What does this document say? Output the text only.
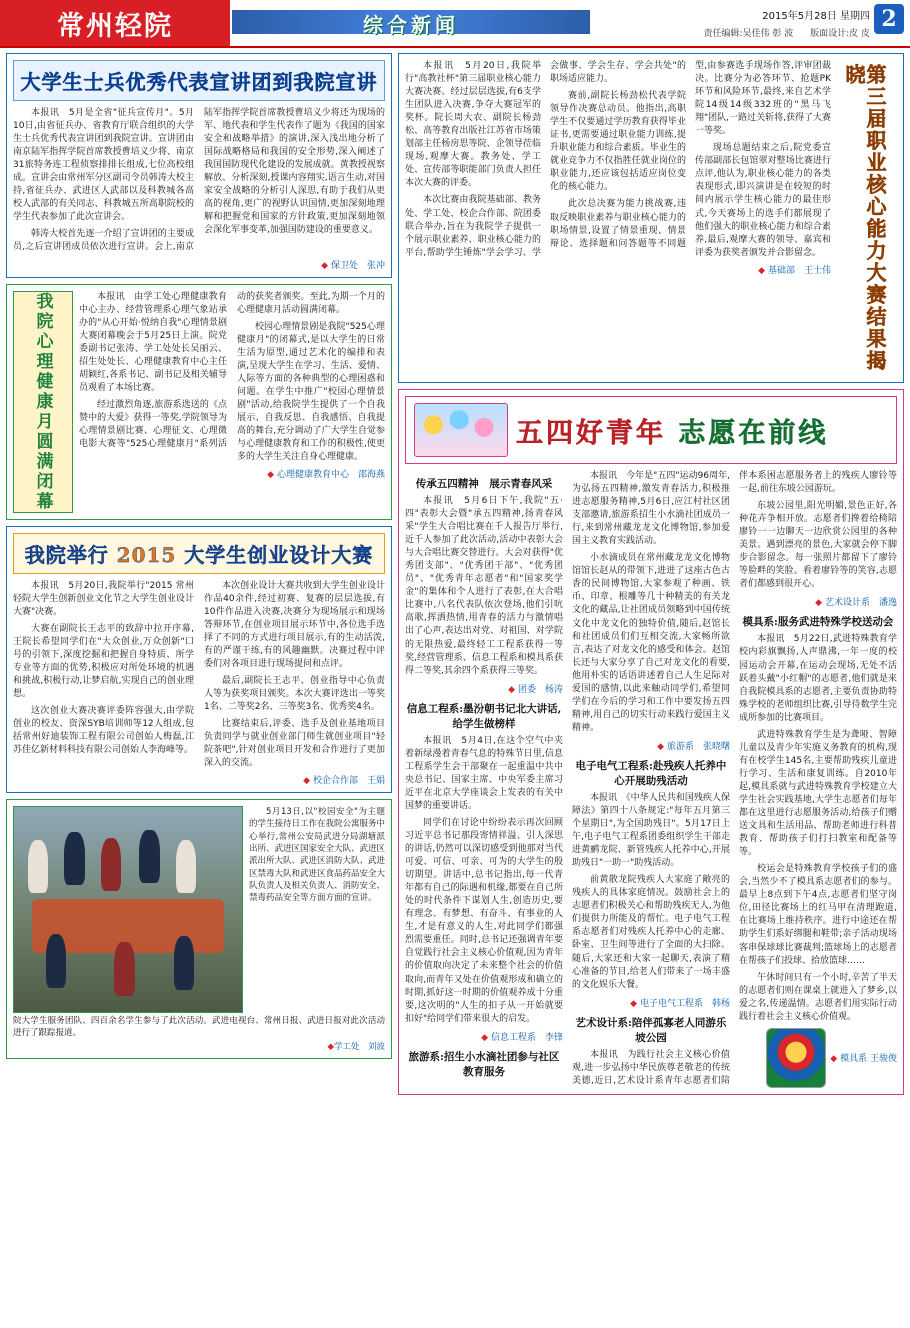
常州轻院	综合新闻	2015年5月28日 星期四
责任编辑:吴佳伟 彰 波 版面设计:皮 皮
2
大学生士兵优秀代表宣讲团到我院宣讲

本报讯　5月是全省"征兵宣传月"。5月10日,由省征兵办、省教育厅联合组织的大学生士兵优秀代表宣讲团到我院宣讲。宣讲团由南京陆军指挥学院首席教授曹培义少将、南京31旅特务连工程侦察排排长组成,七位高校组成。宣讲会由常州军分区副司令员韩涛大校主持,省征兵办、武进区人武部以及科教城各高校人武部的有关同志、科教城五所高职院校的学生代表参加了此次宣讲会。

韩涛大校首先逐一介绍了宣讲团的主要成员,之后宣讲团成员依次进行宣讲。会上,南京陆军指挥学院首席教授曹培义少将还为现场的军、地代表和学生代表作了题为《我国的国家安全和战略举措》的演讲,深入浅出地分析了国际战略格局和我国的安全形势,深入阐述了我国国防现代化建设的发展成就。黄教授视察解放、分析深刻,授课内容翔实,语言生动,对国家安全战略的分析引人深思,有助于我们从更高的视角,更广的视野认识国情,更加深刻地理解和把握党和国家的方针政策,更加深刻地领会深化军事变革,加强国防建设的重要意义。

◆ 保卫处　张冲
我院心理健康月圆满闭幕	本报讯　由学工处心理健康教育中心主办、经营管理系心理气象站承办的"从心开始·悦纳自我"心理情景剧大赛闭幕晚会于5月25日上演。院党委副书记张涛、学工处处长吴丽云、招生处处长、心理健康教育中心主任胡颖红,各系书记、副书记及相关辅导员观看了本场比赛。

经过激烈角逐,旅游系选送的《点赞中的大爱》获得一等奖,学院领导为心理情景剧比赛、心理征文、心理微电影大赛等"525心理健康月"系列活动的获奖者颁奖。至此,为期一个月的心理健康月活动圆满闭幕。

校园心理情景剧是我院"525心理健康月"的闭幕式,是以大学生的日常生活为原型,通过艺术化的编排和表演,呈现大学生在学习、生活、爱情、人际等方面的各种典型的心理困惑和问题。在学生中推广"校园心理情景剧"活动,给我院学生提供了一个自我展示、自我反思、自我感悟、自我提高的舞台,充分调动了广大学生自觉参与心理健康教育和工作的积极性,使更多的大学生关注自身心理健康。

◆ 心理健康教育中心　邵海燕
我院举行 2015 大学生创业设计大赛

本报讯　5月20日,我院举行"2015 常州轻院大学生创新创业文化节之大学生创业设计大赛"决赛。

大赛在副院长王志平的致辞中拉开序幕,王院长希望同学们在"大众创业,万众创新"口号的引领下,深度挖掘和把握自身特质、所学专业等方面的优势,积极应对所处环境的机遇和挑战,积极行动,让梦启航,实现自己的创业理想。

这次创业大赛决赛评委阵容强大,由学院创业的校友、资深SYB培训师等12人组成,包括常州好迪装饰工程有限公司创始人梅磊,江苏佳亿新材料科技有限公司创始人李海峰等。

本次创业设计大赛共收到大学生创业设计作品40余件,经过初赛、复赛的层层选拔,有10件作品进入决赛,决赛分为现场展示和现场答辩环节,在创业项目展示环节中,各位选手选择了不同的方式进行项目展示,有的生动活泼,有的严谨干练,有的风趣幽默。决赛过程中评委们对各项目进行现场提问和点评。

最后,副院长王志平、创业指导中心负责人等为获奖项目颁奖。本次大赛评选出一等奖1名、二等奖2名、三等奖3名、优秀奖4名。

比赛结束后,评委、选手及创业基地项目负责同学与就业创业部门师生就创业项目"轻院茶吧",针对创业项目开发和合作进行了更加深入的交流。

◆ 校企合作部　王娟

5月13日,以"校园安全"为主题的学生接待日工作在我院公寓服务中心举行,常州公安局武进分局湖塘派出所、武进区国家安全大队、武进区派出所大队、武进区消防大队、武进区禁毒大队和武进区食品药品安全大队负责人及相关负责人、消防安全、禁毒药品安全等方面方面的宣讲。

院大学生服务团队、四百余名学生参与了此次活动。武进电视台、常州日报、武进日报对此次活动进行了跟踪报道。
◆学工处　刘波

本报讯　5月20日,我院举行"高教社杯"第三届职业核心能力大赛决赛。经过层层选拔,有6支学生团队进入决赛,争夺大赛冠军的奖杯。院长周大农、副院长杨劲松、高等教育出版社江苏省市场策划部主任杨房思等院、企领导莅临现场,观摩大赛。教务处、学工处、宣传部等职能部门负责人担任本次大赛的评委。

本次比赛由我院基础部、教务处、学工处、校企合作部、院团委联合举办,旨在为我院学子提供一个展示职业素养、职业核心能力的平台,帮助学生锤炼"学会学习、学会做事、学会生存、学会共处"的职场适应能力。

赛前,副院长杨劲松代表学院领导作决赛总动员。他指出,高职学生不仅要通过学历教育获得毕业证书,更需要通过职业能力训练,提升职业能力和综合素质。毕业生的就业竞争力不仅指胜任就业岗位的职业能力,还应该包括适应岗位变化的核心能力。

此次总决赛为能力挑战赛,违取反映职业素养与职业核心能力的职场情景,设置了情景重现、情景辩论、选择题和问答题等不同题型,由参赛选手现场作答,评审团裁决。比赛分为必答环节、抢题PK环节和风险环节,最终,来自艺术学院14级14级332班的"黑马飞翔"团队,一路过关斩将,获得了大赛一等奖。

现场总题结束之后,院党委宣传部副部长包馆翠对整场比赛进行点评,他认为,职业核心能力的各类表现形式,即兴演讲是在较短的时间内展示学生核心能力的最佳形式,今天赛场上的选手们都展现了他们强大的职业核心能力和综合素养,最后,观摩大赛的领导、嘉宾和评委为获奖者颁发并合影留念。

◆ 基础部　王士伟	第三届职业核心能力大赛结果揭晓
五四好青年 志愿在前线
传承五四精神　展示青春风采

本报讯　5月6日下午,我院"五·四"表彰大会暨"承五四精神,扬青春风采"学生大合唱比赛在千人报告厅举行,近千人参加了此次活动,活动中表彰大会与大合唱比赛交替进行。大会对获得"优秀团支部"、"优秀团干部"、"优秀团员"、"优秀青年志愿者"和"国家奖学金"的集体和个人进行了表彰,在大合唱比赛中,八名代表队依次登场,他们引吭高歌,挥洒热情,用青春的活力与激情唱出了心声,表达出对党、对祖国、对学院的无限热爱,最终轻工工程系获得一等奖,经营管理系、信息工程系和模具系获得二等奖,其余四个系获得三等奖。

◆ 团委　杨涛
信息工程系:墨汾朝书记北大讲话,给学生做榜样

本报讯　5月4日,在这个空气中夹着新绿漫着青春气息的特殊节日里,信息工程系学生会干部聚在一起重温中共中央总书记、国家主席、中央军委主席习近平在北京大学座谈会上发表的有关中国梦的重要讲话。

同学们在讨论中纷纷表示再次回顾习近平总书记那段寄情祥溢、引人深思的讲话,仍然可以深切感受到他那对当代可爱、可信、可亲、可为的大学生的殷切期望。讲话中,总书记指出,每一代青年都有自己的际遇和机缘,都要在自己所处的时代条件下谋划人生,创造历史,要有理念、有梦想、有奋斗、有事业的人生,才是有意义的人生,对此同学们都强烈需要重任。同时,总书记还强调青年要自觉践行社会主义核心价值观,因为青年的价值取向决定了未来整个社会的价值取向,而青年又处在价值观形成和确立的时期,抓好这一时期的价值观养成十分重要,这次明的"人生的扣子从一开始就要扣好"给同学们带来很大的启发。

◆ 信息工程系　李锋
旅游系:招生小水滴社团参与社区教育服务

本报讯　今年是"五四"运动96周年,为弘扬五四精神,激发青春活力,积极推进志愿服务精神,5月6日,应江村社区团支部邀请,旅游系招生小水滴社团成员一行,来到常州藏龙龙文化博物馆,参加爱国主义教育实践活动。

小水滴成员在常州藏龙龙文化博物馆馆长赵从的带领下,进进了这座古色古香的民间博物馆,大家参观了种画、铁币、印章、根雕等几十种精美的有关龙文化的藏品,让社团成员领略到中国传统文化中龙文化的独特价值,随后,赵馆长和社团成员们们互相交流,大家畅所欲言,表达了对龙文化的感受和体会。赵馆长还与大家分享了自己对龙文化的看要,他用朴实的话语讲述着自己人生足际对爱国的感情,以此来触动同学们,希望同学们在今后的学习和工作中要发扬五四精神,用自己的切实行动来践行爱国主义精神。

◆ 旅游系　张晓曙
电子电气工程系:赴残疾人托养中心开展助残活动

本报讯　《中华人民共和国残疾人保障法》第四十八条规定:"每年五月第三个星期日",为全国助残日"。5月17日上午,电子电气工程系团委组织学生干部走进黄鹂龙院、新管残疾人托养中心,开展助残日"一助一"助残活动。

前黄散龙院残疾人大家庭了敞亮的残疾人的具体家庭情况。鼓励社会上的志愿者们积极关心和帮助残疾无人,为他们提供力所能及的帮忙。电子电气工程系志愿者们对残疾人托养中心的走廊、卧室、卫生间等进行了全面的大扫除。随后,大家还和大家一起聊天,表演了精心准备的节目,给老人们带来了一场丰盛的文化娱乐大餐。

◆ 电子电气工程系　韩杨
艺术设计系:陪伴孤寡老人同游乐坡公园

本报讯　为践行社会主义核心价值观,进一步弘扬中华民族尊老敬老的传统美德,近日,艺术设计系青年志愿者们陪伴本系困志愿服务者上的残疾人廖铃等一起,前往东坡公园游玩。

东坡公园里,阳光明媚,景色正好,各种花卉争相开放。志愿者们搀着给椅陪廖铃一一边聊天一边欣赏公园里的各种美景。遇到漂亮的景色,大家就会停下脚步合影留念。每一张照片都留下了廖铃等脸畔的笑脸。看着廖铃等的笑容,志愿者们都感到很开心。

◆ 艺术设计系　潘逸
模具系:服务武进特殊学校送动会

本报讯　5月22日,武进特殊教育学校内彩旗飘扬,人声鼎沸,一年一度的校园运动会开幕,在运动会现场,无处不活跃着头戴"小红帽"的志愿者,他们就是来自我院模具系的志愿者,主要负责协助特殊学校的老师组织比赛,引导待数学生完成所参加的比赛项目。

武进特殊教育学生是为聋哑、智障儿童以及青少年实施义务教育的机构,现有在校学生145名,主要帮助残疾儿童进行学习、生活和康复训练。自2010年起,模具系就与武进特殊教育学校建立大学生社会实践基地,大学生志愿者们每年都在这里进行志愿服务活动,给孩子们赠送文具和生活用品、帮助老师进行科普教育、帮助孩子们打扫教室和配备等等。

校运会是特殊教育学校孩子们的盛会,当然少不了模具系志愿者们的参与。最早上8点到下午4点,志愿者们坚守岗位,田径比赛场上的红马甲在清理跑道,在比赛场上维持秩序。进行中途还在帮助学生们系好绑腿和鞋带;亲子活动现场客串保球球比赛裁判;篮球场上的志愿者在帮孩子们投球、拾放篮球……

午休时间只有一个小时,辛苦了半天的志愿者们则在课桌上就进入了梦乡,以爱之名,传递温情。志愿者们用实际行动践行着社会主义核心价值观。

◆ 模具系 王骏俊
